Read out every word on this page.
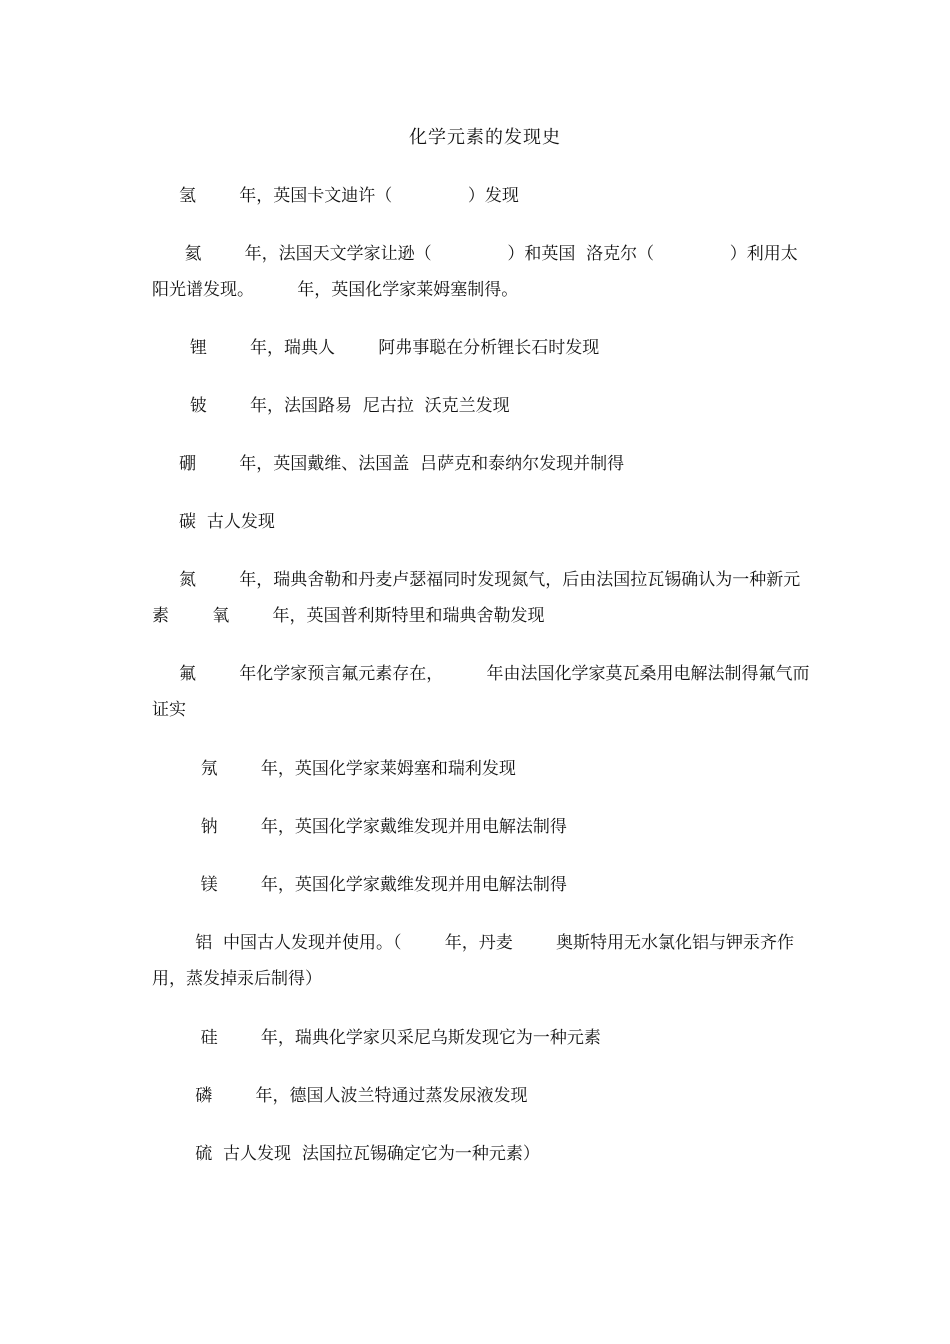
化学元素的发现史

氢        年，英国卡文迪许（              ）发现

氦        年，法国天文学家让逊（              ）和英国  洛克尔（              ）利用太阳光谱发现。        年，英国化学家莱姆塞制得。

锂        年，瑞典人        阿弗事聪在分析锂长石时发现

铍        年，法国路易  尼古拉  沃克兰发现

硼        年，英国戴维、法国盖  吕萨克和泰纳尔发现并制得

碳  古人发现

氮        年，瑞典舍勒和丹麦卢瑟福同时发现氮气，后由法国拉瓦锡确认为一种新元素        氧        年，英国普利斯特里和瑞典舍勒发现

氟        年化学家预言氟元素存在，        年由法国化学家莫瓦桑用电解法制得氟气而证实

氖        年，英国化学家莱姆塞和瑞利发现

钠        年，英国化学家戴维发现并用电解法制得

镁        年，英国化学家戴维发现并用电解法制得

铝  中国古人发现并使用。（        年，丹麦        奥斯特用无水氯化铝与钾汞齐作用，蒸发掉汞后制得）

硅        年，瑞典化学家贝采尼乌斯发现它为一种元素

磷        年，德国人波兰特通过蒸发尿液发现

硫  古人发现  法国拉瓦锡确定它为一种元素）
